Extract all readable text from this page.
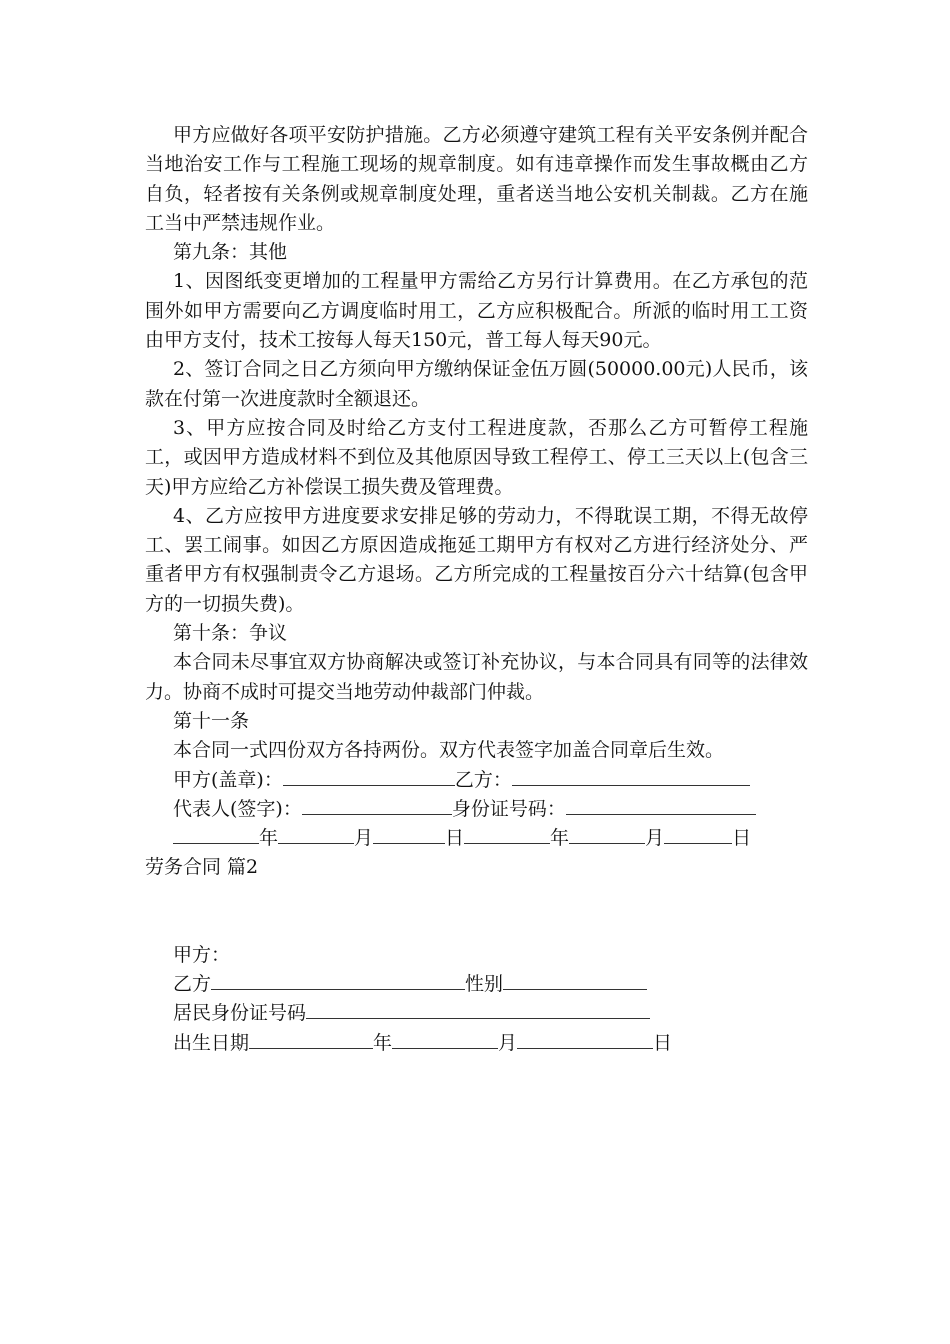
甲方应做好各项平安防护措施。乙方必须遵守建筑工程有关平安条例并配合当地治安工作与工程施工现场的规章制度。如有违章操作而发生事故概由乙方自负，轻者按有关条例或规章制度处理，重者送当地公安机关制裁。乙方在施工当中严禁违规作业。

第九条：其他

1、因图纸变更增加的工程量甲方需给乙方另行计算费用。在乙方承包的范围外如甲方需要向乙方调度临时用工，乙方应积极配合。所派的临时用工工资由甲方支付，技术工按每人每天150元，普工每人每天90元。

2、签订合同之日乙方须向甲方缴纳保证金伍万圆(50000.00元)人民币，该款在付第一次进度款时全额退还。

3、甲方应按合同及时给乙方支付工程进度款，否那么乙方可暂停工程施工，或因甲方造成材料不到位及其他原因导致工程停工、停工三天以上(包含三天)甲方应给乙方补偿误工损失费及管理费。

4、乙方应按甲方进度要求安排足够的劳动力，不得耽误工期，不得无故停工、罢工闹事。如因乙方原因造成拖延工期甲方有权对乙方进行经济处分、严重者甲方有权强制责令乙方退场。乙方所完成的工程量按百分六十结算(包含甲方的一切损失费)。

第十条：争议

本合同未尽事宜双方协商解决或签订补充协议，与本合同具有同等的法律效力。协商不成时可提交当地劳动仲裁部门仲裁。

第十一条

本合同一式四份双方各持两份。双方代表签字加盖合同章后生效。

甲方(盖章)：	乙方：
代表人(签字)：	身份证号码：
年	月	日	年	月	日

劳务合同 篇2

甲方：
乙方	性别
居民身份证号码
出生日期	年	月	日
